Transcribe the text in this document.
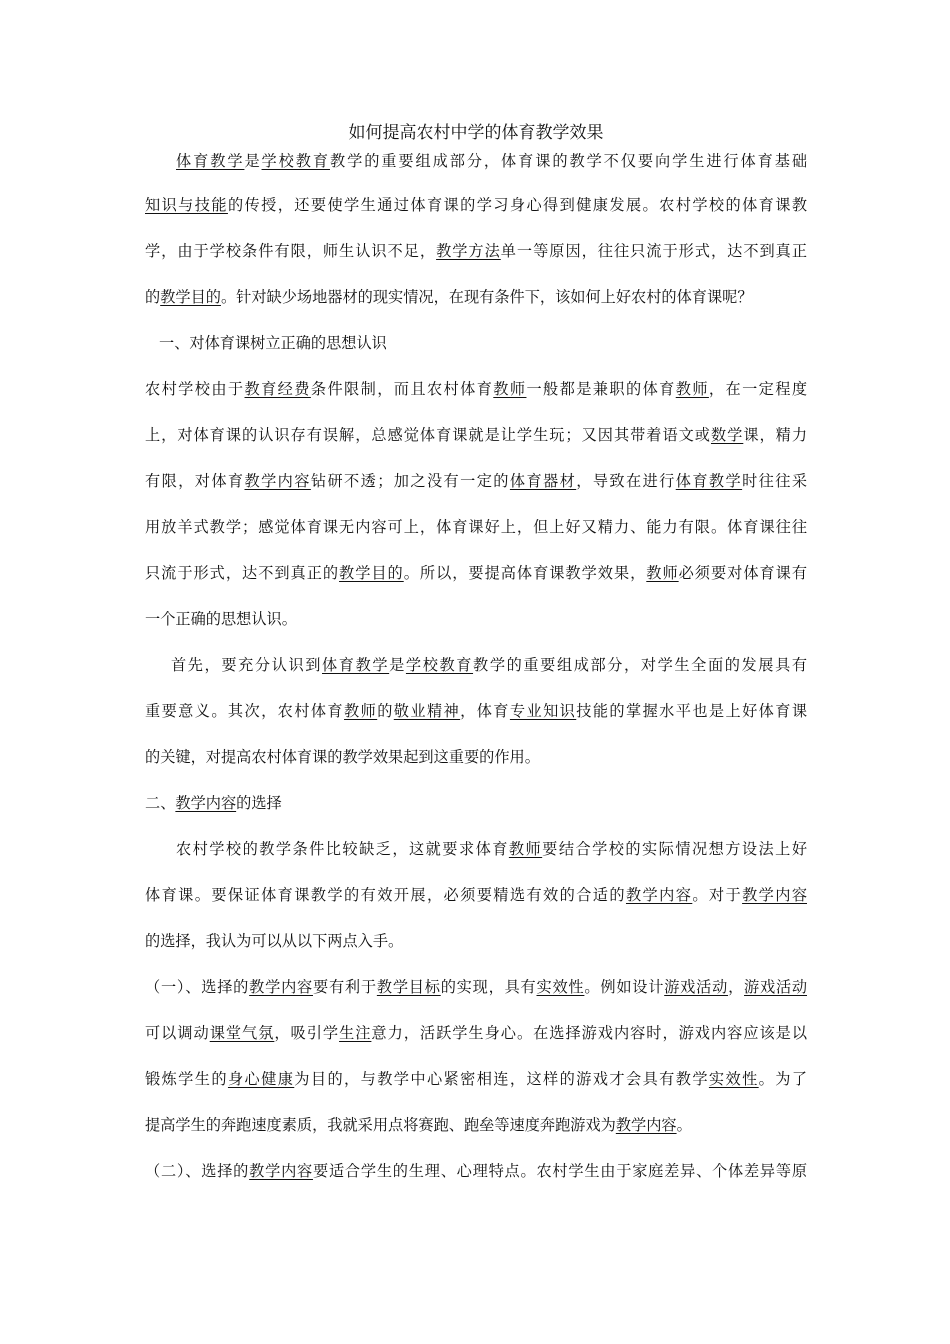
如何提高农村中学的体育教学效果
体育教学是学校教育教学的重要组成部分，体育课的教学不仅要向学生进行体育基础
知识与技能的传授，还要使学生通过体育课的学习身心得到健康发展。农村学校的体育课教
学，由于学校条件有限，师生认识不足，教学方法单一等原因，往往只流于形式，达不到真正
的教学目的。针对缺少场地器材的现实情况，在现有条件下，该如何上好农村的体育课呢？
一、对体育课树立正确的思想认识
农村学校由于教育经费条件限制，而且农村体育教师一般都是兼职的体育教师，在一定程度
上，对体育课的认识存有误解，总感觉体育课就是让学生玩；又因其带着语文或数学课，精力
有限，对体育教学内容钻研不透；加之没有一定的体育器材，导致在进行体育教学时往往采
用放羊式教学；感觉体育课无内容可上，体育课好上，但上好又精力、能力有限。体育课往往
只流于形式，达不到真正的教学目的。所以，要提高体育课教学效果，教师必须要对体育课有
一个正确的思想认识。
首先，要充分认识到体育教学是学校教育教学的重要组成部分，对学生全面的发展具有
重要意义。其次，农村体育教师的敬业精神，体育专业知识技能的掌握水平也是上好体育课
的关键，对提高农村体育课的教学效果起到这重要的作用。
二、教学内容的选择
农村学校的教学条件比较缺乏，这就要求体育教师要结合学校的实际情况想方设法上好
体育课。要保证体育课教学的有效开展，必须要精选有效的合适的教学内容。对于教学内容
的选择，我认为可以从以下两点入手。
（一）、选择的教学内容要有利于教学目标的实现，具有实效性。例如设计游戏活动，游戏活动
可以调动课堂气氛，吸引学生注意力，活跃学生身心。在选择游戏内容时，游戏内容应该是以
锻炼学生的身心健康为目的，与教学中心紧密相连，这样的游戏才会具有教学实效性。为了
提高学生的奔跑速度素质，我就采用点将赛跑、跑垒等速度奔跑游戏为教学内容。
（二）、选择的教学内容要适合学生的生理、心理特点。农村学生由于家庭差异、个体差异等原
